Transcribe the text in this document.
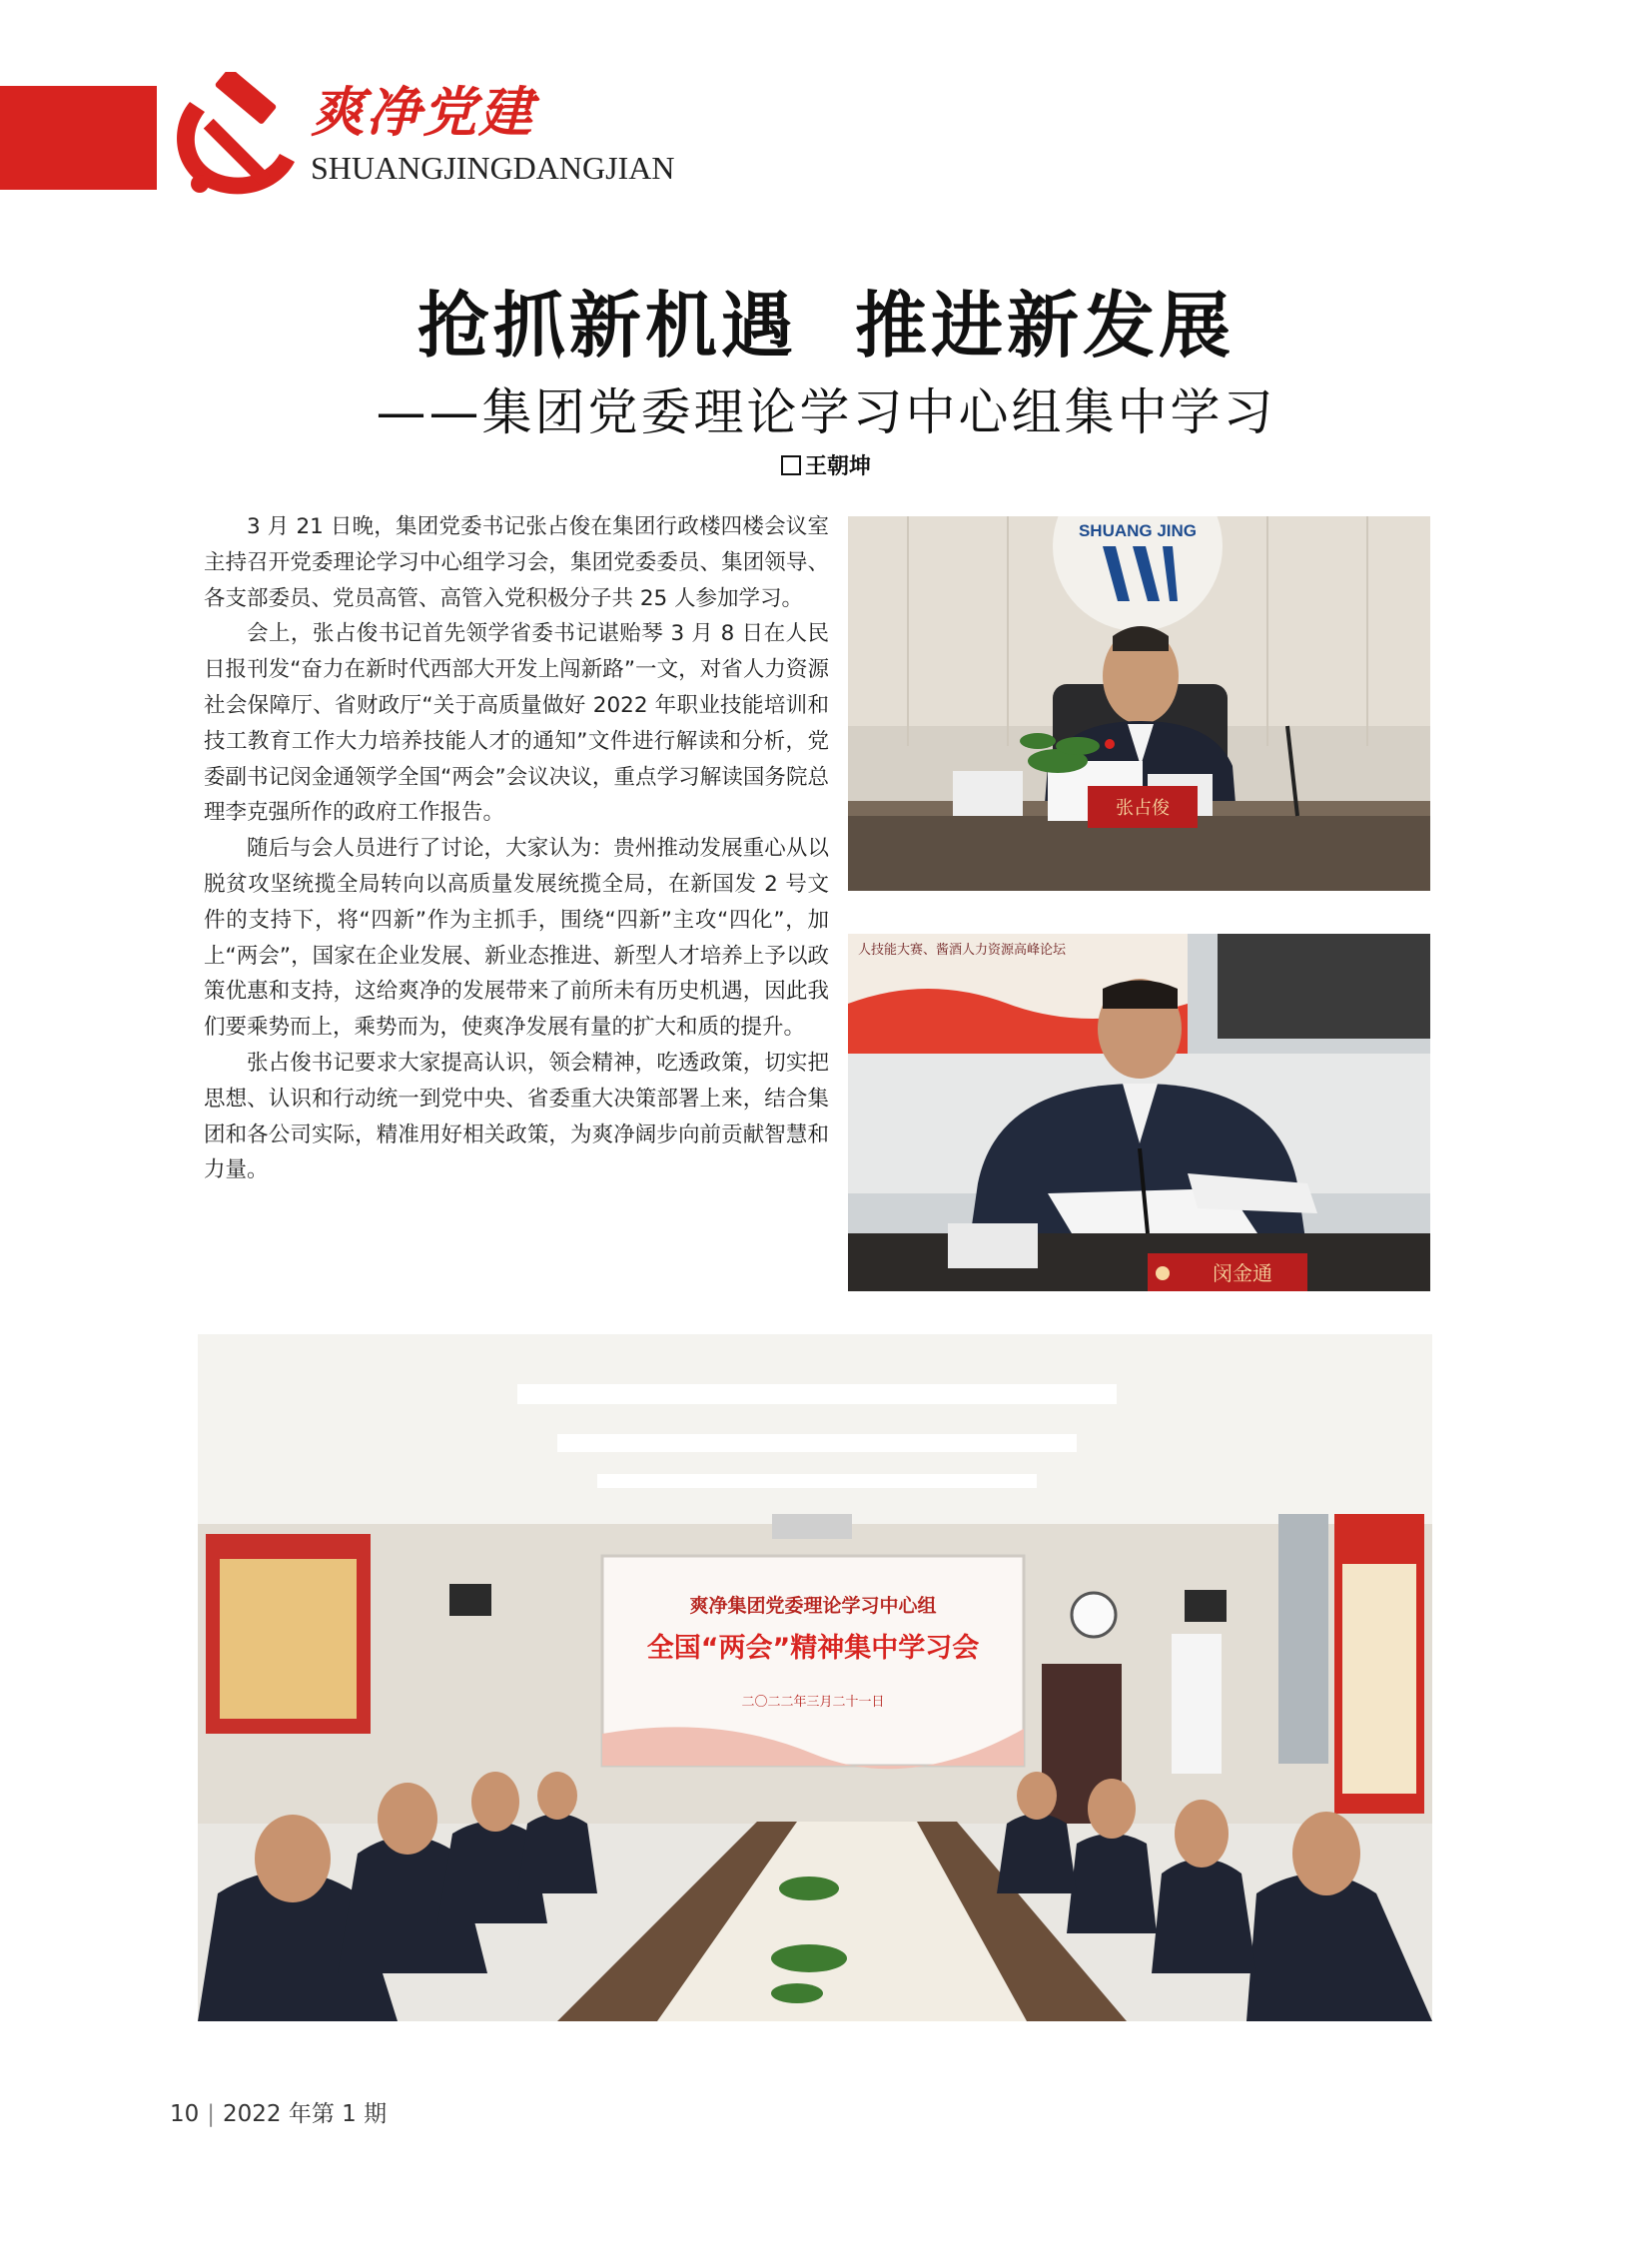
爽净党建
SHUANGJINGDANGJIAN
抢抓新机遇  推进新发展
——集团党委理论学习中心组集中学习
王朝坤

3 月 21 日晚，集团党委书记张占俊在集团行政楼四楼会议室主持召开党委理论学习中心组学习会，集团党委委员、集团领导、各支部委员、党员高管、高管入党积极分子共 25 人参加学习。

会上，张占俊书记首先领学省委书记谌贻琴 3 月 8 日在人民日报刊发“奋力在新时代西部大开发上闯新路”一文，对省人力资源社会保障厅、省财政厅“关于高质量做好 2022 年职业技能培训和技工教育工作大力培养技能人才的通知”文件进行解读和分析，党委副书记闵金通领学全国“两会”会议决议，重点学习解读国务院总理李克强所作的政府工作报告。

随后与会人员进行了讨论，大家认为：贵州推动发展重心从以脱贫攻坚统揽全局转向以高质量发展统揽全局，在新国发 2 号文件的支持下，将“四新”作为主抓手，围绕“四新”主攻“四化”，加上“两会”，国家在企业发展、新业态推进、新型人才培养上予以政策优惠和支持，这给爽净的发展带来了前所未有历史机遇，因此我们要乘势而上，乘势而为，使爽净发展有量的扩大和质的提升。

张占俊书记要求大家提高认识，领会精神，吃透政策，切实把思想、认识和行动统一到党中央、省委重大决策部署上来，结合集团和各公司实际，精准用好相关政策，为爽净阔步向前贡献智慧和力量。

SHUANG JING
张占俊
人技能大赛、酱酒人力资源高峰论坛
闵金通
爽净集团党委理论学习中心组
全国“两会”精神集中学习会
二〇二二年三月二十一日
10 | 2022 年第 1 期
